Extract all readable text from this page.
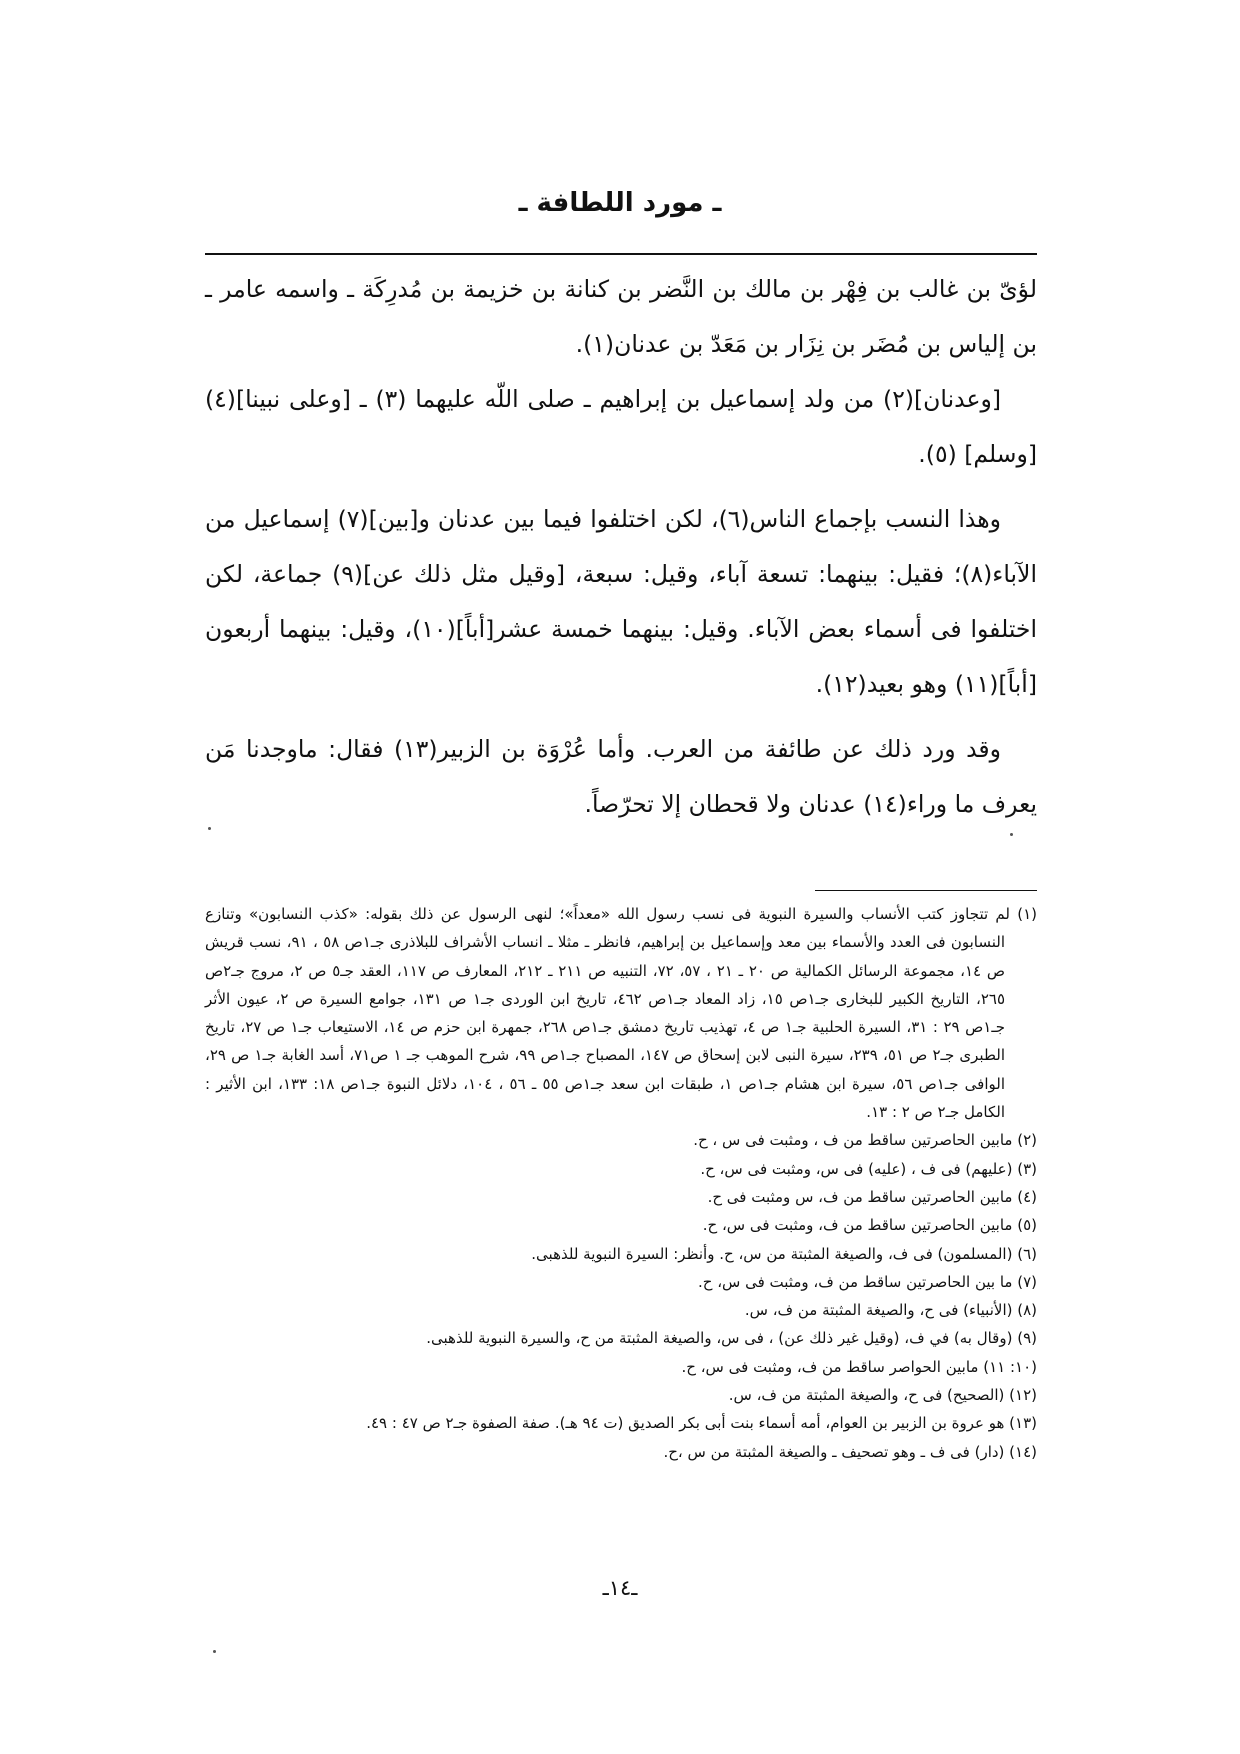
ـ مورد اللطافة ـ

لؤىّ بن غالب بن فِهْر بن مالك بن النَّضر بن كنانة بن خزيمة بن مُدرِكَة ـ واسمه عامر ـ بن إلياس بن مُضَر بن نِزَار بن مَعَدّ بن عدنان(١).

[وعدنان](٢) من ولد إسماعيل بن إبراهيم ـ صلى اللّه عليهما (٣) ـ [وعلى نبينا](٤) [وسلم] (٥).

وهذا النسب بإجماع الناس(٦)، لكن اختلفوا فيما بين عدنان و[بين](٧) إسماعيل من الآباء(٨)؛ فقيل: بينهما: تسعة آباء، وقيل: سبعة، [وقيل مثل ذلك عن](٩) جماعة، لكن اختلفوا فى أسماء بعض الآباء. وقيل: بينهما خمسة عشر[أباً](١٠)، وقيل: بينهما أربعون [أباً](١١) وهو بعيد(١٢).

وقد ورد ذلك عن طائفة من العرب. وأما عُرْوَة بن الزبير(١٣) فقال: ماوجدنا مَن يعرف ما وراء(١٤) عدنان ولا قحطان إلا تحرّصاً.

(١) لم تتجاوز كتب الأنساب والسيرة النبوية فى نسب رسول الله «معداً»؛ لنهى الرسول عن ذلك بقوله: «كذب النسابون» وتنازع النسابون فى العدد والأسماء بين معد وإسماعيل بن إبراهيم، فانظر ـ مثلا ـ انساب الأشراف للبلاذرى جـ١ص ٥٨ ، ٩١، نسب قريش ص ١٤، مجموعة الرسائل الكمالية ص ٢٠ ـ ٢١ ، ٥٧، ٧٢، التنبيه ص ٢١١ ـ ٢١٢، المعارف ص ١١٧، العقد جـ٥ ص ٢، مروج جـ٢ص ٢٦٥، التاريخ الكبير للبخارى جـ١ص ١٥، زاد المعاد جـ١ص ٤٦٢، تاريخ ابن الوردى جـ١ ص ١٣١، جوامع السيرة ص ٢، عيون الأثر جـ١ص ٢٩ : ٣١، السيرة الحلبية جـ١ ص ٤، تهذيب تاريخ دمشق جـ١ص ٢٦٨، جمهرة ابن حزم ص ١٤، الاستيعاب جـ١ ص ٢٧، تاريخ الطبرى جـ٢ ص ٥١، ٢٣٩، سيرة النبى لابن إسحاق ص ١٤٧، المصباح جـ١ص ٩٩، شرح الموهب جـ ١ ص٧١، أسد الغابة جـ١ ص ٢٩، الوافى جـ١ص ٥٦، سيرة ابن هشام جـ١ص ١، طبقات ابن سعد جـ١ص ٥٥ ـ ٥٦ ، ١٠٤، دلائل النبوة جـ١ص ١٨: ١٣٣، ابن الأثير : الكامل جـ٢ ص ٢ : ١٣.

(٢) مابين الحاصرتين ساقط من ف ، ومثبت فى س ، ح.

(٣) (عليهم) فى ف ، (عليه) فى س، ومثبت فى س، ح.

(٤) مابين الحاصرتين ساقط من ف، س ومثبت فى ح.

(٥) مابين الحاصرتين ساقط من ف، ومثبت فى س، ح.

(٦) (المسلمون) فى ف، والصيغة المثبتة من س، ح. وأنظر: السيرة النبوية للذهبى.

(٧) ما بين الحاصرتين ساقط من ف، ومثبت فى س، ح.

(٨) (الأنبياء) فى ح، والصيغة المثبتة من ف، س.

(٩) (وقال به) في ف، (وقيل غير ذلك عن) ، فى س، والصيغة المثبتة من ح، والسيرة النبوية للذهبى.

(١٠: ١١) مابين الحواصر ساقط من ف، ومثبت فى س، ح.

(١٢) (الصحيح) فى ح، والصيغة المثبتة من ف، س.

(١٣) هو عروة بن الزبير بن العوام، أمه أسماء بنت أبى بكر الصديق (ت ٩٤ هـ). صفة الصفوة جـ٢ ص ٤٧ : ٤٩.

(١٤) (دار) فى ف ـ وهو تصحيف ـ والصيغة المثبتة من س ،ح.

ـ١٤ـ
